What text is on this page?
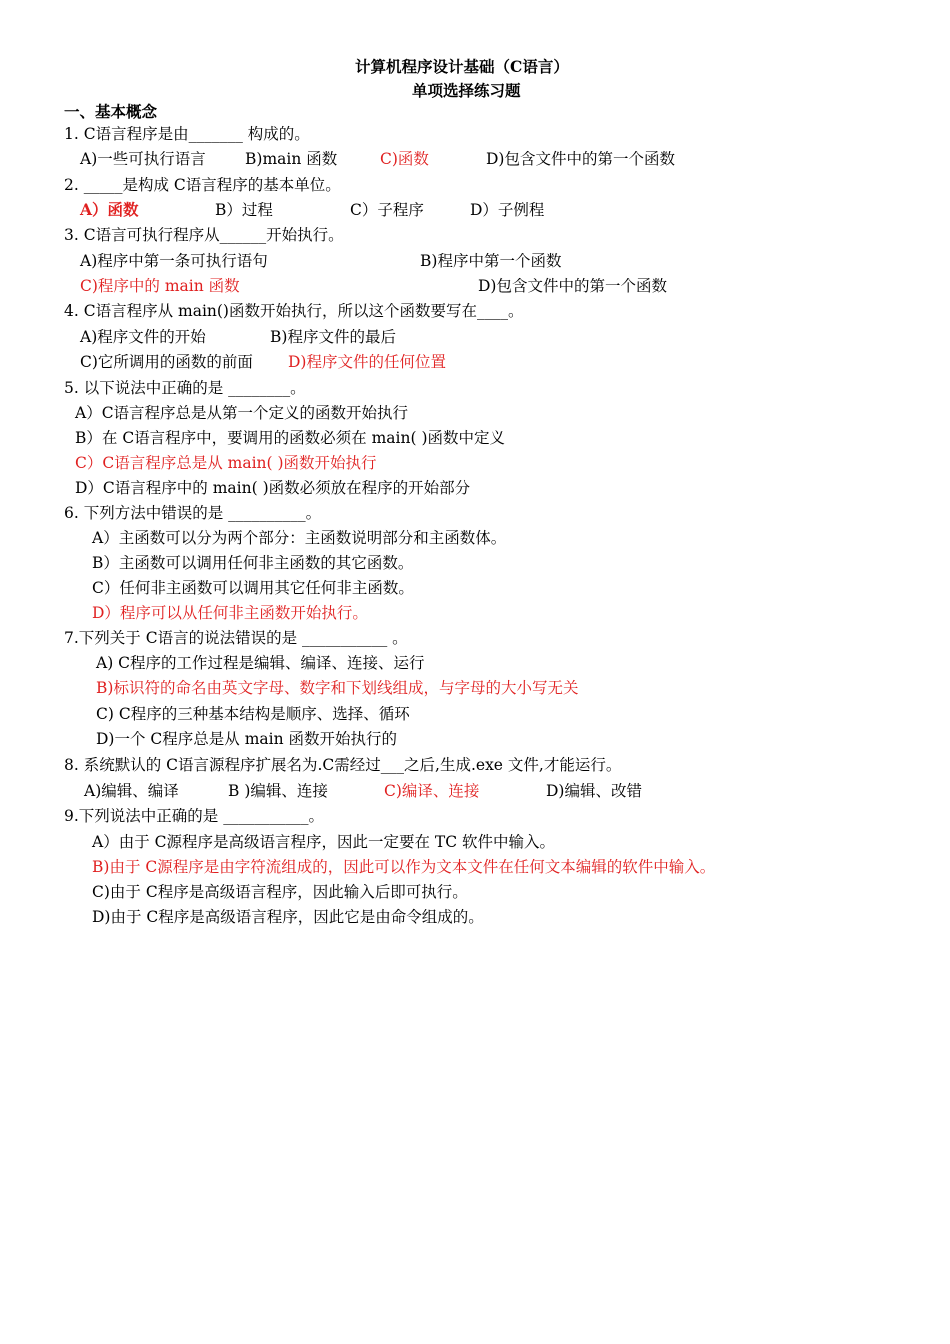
计算机程序设计基础（C语言）
单项选择练习题
一、基本概念
1. C语言程序是由_______ 构成的。
A)一些可执行语言	B)main 函数	C)函数	D)包含文件中的第一个函数
2. _____是构成 C语言程序的基本单位。
A）函数	B）过程	C）子程序	D）子例程
3. C语言可执行程序从______开始执行。
A)程序中第一条可执行语句	B)程序中第一个函数
C)程序中的 main 函数	D)包含文件中的第一个函数
4. C语言程序从 main()函数开始执行，所以这个函数要写在____。
A)程序文件的开始	B)程序文件的最后
C)它所调用的函数的前面 D)程序文件的任何位置
5. 以下说法中正确的是 ________。
A）C语言程序总是从第一个定义的函数开始执行
B）在 C语言程序中，要调用的函数必须在 main( )函数中定义
C）C语言程序总是从 main( )函数开始执行
D）C语言程序中的 main( )函数必须放在程序的开始部分
6. 下列方法中错误的是 __________。
A）主函数可以分为两个部分：主函数说明部分和主函数体。
B）主函数可以调用任何非主函数的其它函数。
C）任何非主函数可以调用其它任何非主函数。
D）程序可以从任何非主函数开始执行。
7.下列关于 C语言的说法错误的是 ___________ 。
A) C程序的工作过程是编辑、编译、连接、运行
B)标识符的命名由英文字母、数字和下划线组成，与字母的大小写无关
C) C程序的三种基本结构是顺序、选择、循环
D)一个 C程序总是从 main 函数开始执行的
8. 系统默认的 C语言源程序扩展名为.C需经过___之后,生成.exe 文件,才能运行。
A)编辑、编译	B )编辑、连接	C)编译、连接	D)编辑、改错
9.下列说法中正确的是 ___________。
A）由于 C源程序是高级语言程序，因此一定要在 TC 软件中输入。
B)由于 C源程序是由字符流组成的，因此可以作为文本文件在任何文本编辑的软件中输入。
C)由于 C程序是高级语言程序，因此输入后即可执行。
D)由于 C程序是高级语言程序，因此它是由命令组成的。
